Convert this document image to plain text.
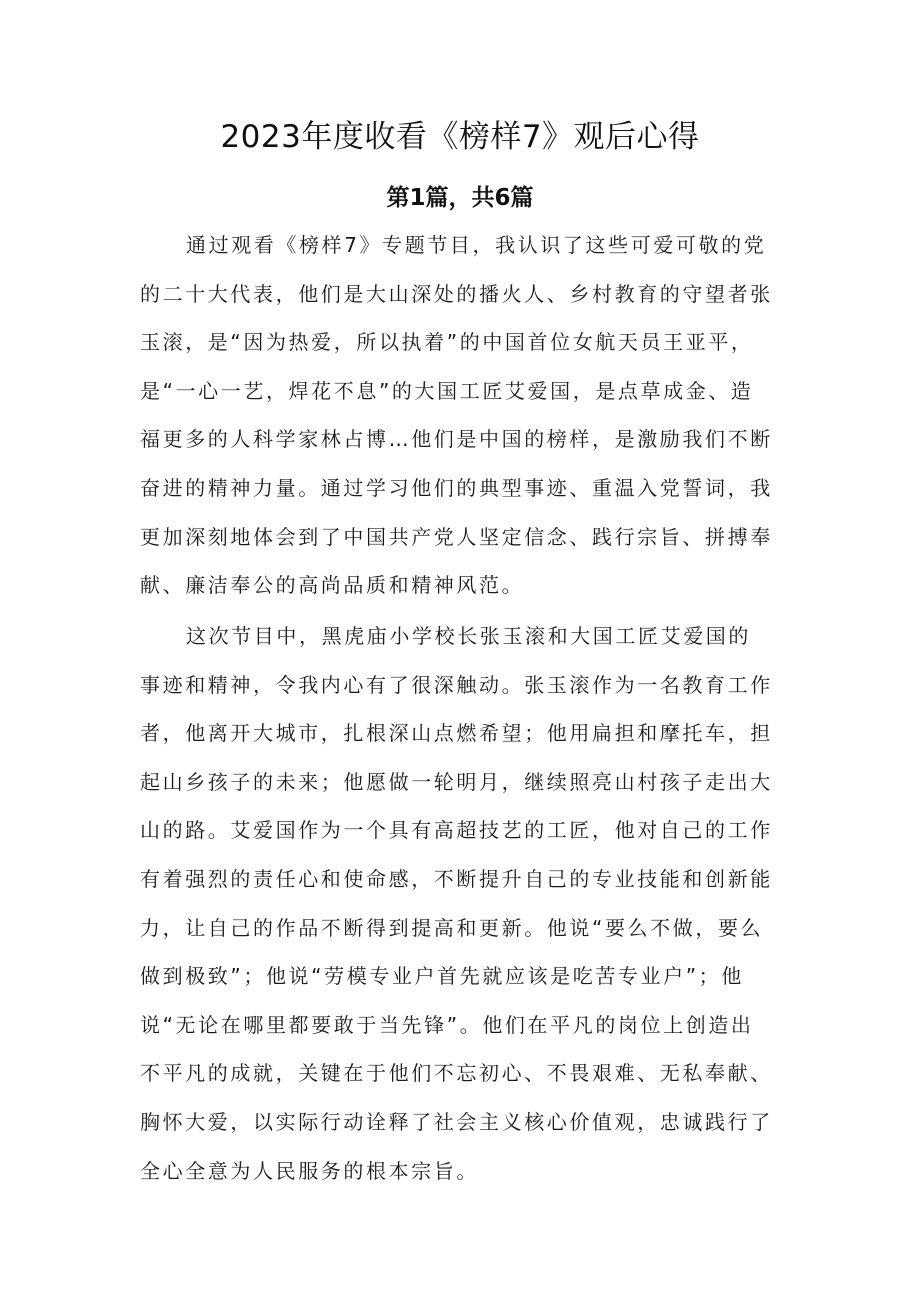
2023年度收看《榜样7》观后心得
第1篇，共6篇
通过观看《榜样7》专题节目，我认识了这些可爱可敬的党
的二十大代表，他们是大山深处的播火人、乡村教育的守望者张
玉滚，是“因为热爱，所以执着”的中国首位女航天员王亚平，
是“一心一艺，焊花不息”的大国工匠艾爱国，是点草成金、造
福更多的人科学家林占博…他们是中国的榜样，是激励我们不断
奋进的精神力量。通过学习他们的典型事迹、重温入党誓词，我
更加深刻地体会到了中国共产党人坚定信念、践行宗旨、拼搏奉
献、廉洁奉公的高尚品质和精神风范。
这次节目中，黑虎庙小学校长张玉滚和大国工匠艾爱国的
事迹和精神，令我内心有了很深触动。张玉滚作为一名教育工作
者，他离开大城市，扎根深山点燃希望；他用扁担和摩托车，担
起山乡孩子的未来；他愿做一轮明月，继续照亮山村孩子走出大
山的路。艾爱国作为一个具有高超技艺的工匠，他对自己的工作
有着强烈的责任心和使命感，不断提升自己的专业技能和创新能
力，让自己的作品不断得到提高和更新。他说“要么不做，要么
做到极致”；他说“劳模专业户首先就应该是吃苦专业户”；他
说“无论在哪里都要敢于当先锋”。他们在平凡的岗位上创造出
不平凡的成就，关键在于他们不忘初心、不畏艰难、无私奉献、
胸怀大爱，以实际行动诠释了社会主义核心价值观，忠诚践行了
全心全意为人民服务的根本宗旨。
